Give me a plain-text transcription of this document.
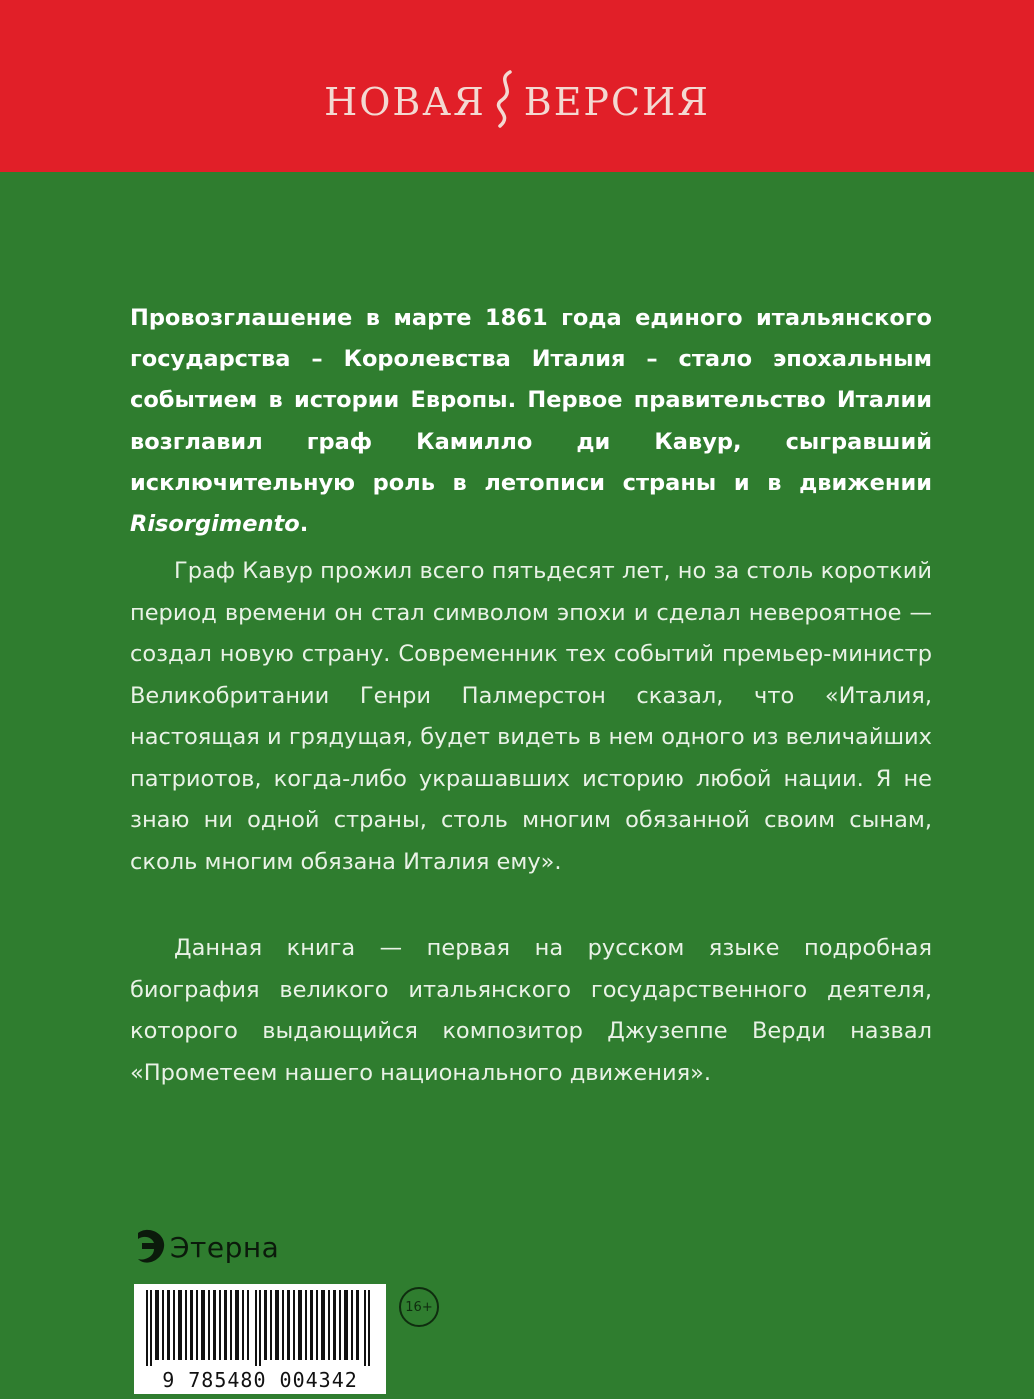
НОВАЯ ВЕРСИЯ

Провозглашение в марте 1861 года единого итальянского государства – Королевства Италия – стало эпохальным событием в истории Европы. Первое правительство Италии возглавил граф Камилло ди Кавур, сыгравший исключительную роль в летописи страны и в движении Risorgimento.

Граф Кавур прожил всего пятьдесят лет, но за столь короткий период времени он стал символом эпохи и сделал невероятное — создал новую страну. Современник тех событий премьер-министр Великобритании Генри Палмерстон сказал, что «Италия, настоящая и грядущая, будет видеть в нем одного из величайших патриотов, когда-либо украшавших историю любой нации. Я не знаю ни одной страны, столь многим обязанной своим сынам, сколь многим обязана Италия ему».

Данная книга — первая на русском языке подробная биография великого итальянского государственного деятеля, которого выдающийся композитор Джузеппе Верди назвал «Прометеем нашего национального движения».

Этерна
9 785480 004342
16+
